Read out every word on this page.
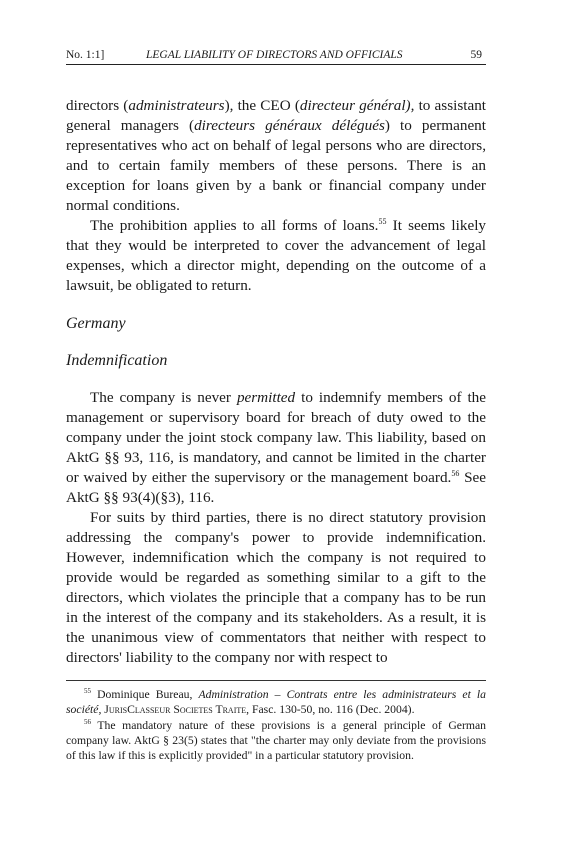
No. 1:1]	LEGAL LIABILITY OF DIRECTORS AND OFFICIALS	59

directors (administrateurs), the CEO (directeur général), to assistant general managers (directeurs généraux délégués) to permanent representatives who act on behalf of legal persons who are directors, and to certain family members of these persons. There is an exception for loans given by a bank or financial company under normal conditions.

The prohibition applies to all forms of loans.$^{55}$ It seems likely that they would be interpreted to cover the advancement of legal expenses, which a director might, depending on the outcome of a lawsuit, be obligated to return.

Germany

Indemnification

The company is never permitted to indemnify members of the management or supervisory board for breach of duty owed to the company under the joint stock company law. This liability, based on AktG §§ 93, 116, is mandatory, and cannot be limited in the charter or waived by either the supervisory or the management board.$^{56}$ See AktG §§ 93(4)(§3), 116.

For suits by third parties, there is no direct statutory provision addressing the company's power to provide indemnification. However, indemnification which the company is not required to provide would be regarded as something similar to a gift to the directors, which violates the principle that a company has to be run in the interest of the company and its stakeholders. As a result, it is the unanimous view of commentators that neither with respect to directors' liability to the company nor with respect to

$^{55}$ Dominique Bureau, Administration – Contrats entre les administrateurs et la société, JurisClasseur Societes Traite, Fasc. 130-50, no. 116 (Dec. 2004).

$^{56}$ The mandatory nature of these provisions is a general principle of German company law. AktG § 23(5) states that "the charter may only deviate from the provisions of this law if this is explicitly provided" in a particular statutory provision.
